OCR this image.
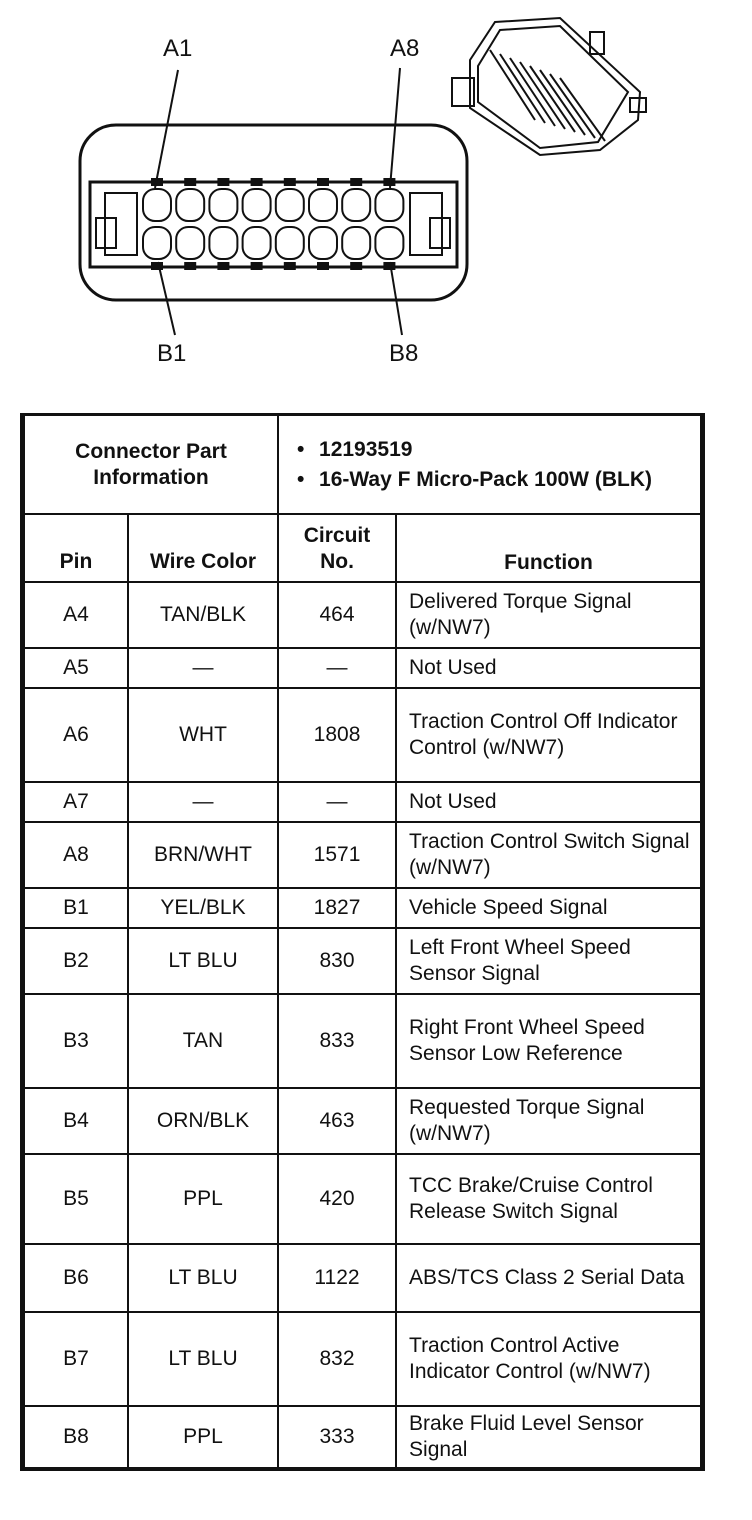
A1	A8
B1	B8
Connector Part Information		• 12193519
• 16-Way F Micro-Pack 100W (BLK)

Pin	Wire Color	Circuit No.	Function
A4	TAN/BLK	464	Delivered Torque Signal (w/NW7)
A5	—	—	Not Used
A6	WHT	1808	Traction Control Off Indicator Control (w/NW7)
A7	—	—	Not Used
A8	BRN/WHT	1571	Traction Control Switch Signal (w/NW7)
B1	YEL/BLK	1827	Vehicle Speed Signal
B2	LT BLU	830	Left Front Wheel Speed Sensor Signal
B3	TAN	833	Right Front Wheel Speed Sensor Low Reference
B4	ORN/BLK	463	Requested Torque Signal (w/NW7)
B5	PPL	420	TCC Brake/Cruise Control Release Switch Signal
B6	LT BLU	1122	ABS/TCS Class 2 Serial Data
B7	LT BLU	832	Traction Control Active Indicator Control (w/NW7)
B8	PPL	333	Brake Fluid Level Sensor Signal
